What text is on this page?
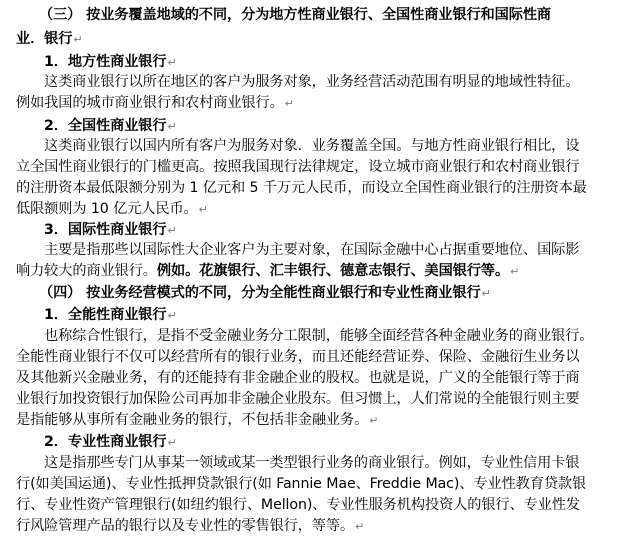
（三） 按业务覆盖地域的不同，分为地方性商业银行、全国性商业银行和国际性商
业．银行↵
1．地方性商业银行↵
这类商业银行以所在地区的客户为服务对象，业务经营活动范围有明显的地域性特征。
例如我国的城市商业银行和农村商业银行。↵
2．全国性商业银行↵
这类商业银行以国内所有客户为服务对象．业务覆盖全国。与地方性商业银行相比，设
立全国性商业银行的门槛更高。按照我国现行法律规定，设立城市商业银行和农村商业银行
的注册资本最低限额分别为 1 亿元和 5 千万元人民币，而设立全国性商业银行的注册资本最
低限额则为 10 亿元人民币。↵
3．国际性商业银行↵
主要是指那些以国际性大企业客户为主要对象，在国际金融中心占据重要地位、国际影
响力较大的商业银行。例如。花旗银行、汇丰银行、德意志银行、美国银行等。↵
（四） 按业务经营模式的不同，分为全能性商业银行和专业性商业银行↵
1．全能性商业银行↵
也称综合性银行，是指不受金融业务分工限制，能够全面经营各种金融业务的商业银行。
全能性商业银行不仅可以经营所有的银行业务，而且还能经营证券、保险、金融衍生业务以
及其他新兴金融业务，有的还能持有非金融企业的股权。也就是说，广义的全能银行等于商
业银行加投资银行加保险公司再加非金融企业股东。但习惯上，人们常说的全能银行则主要
是指能够从事所有金融业务的银行，不包括非金融业务。↵
2．专业性商业银行↵
这是指那些专门从事某一领域或某一类型银行业务的商业银行。例如，专业性信用卡银
行(如美国运通)、专业性抵押贷款银行(如 Fannie Mae、Freddie Mac)、专业性教育贷款银
行、专业性资产管理银行(如纽约银行、Mellon)、专业性服务机构投资人的银行、专业性发
行风险管理产品的银行以及专业性的零售银行，等等。↵
